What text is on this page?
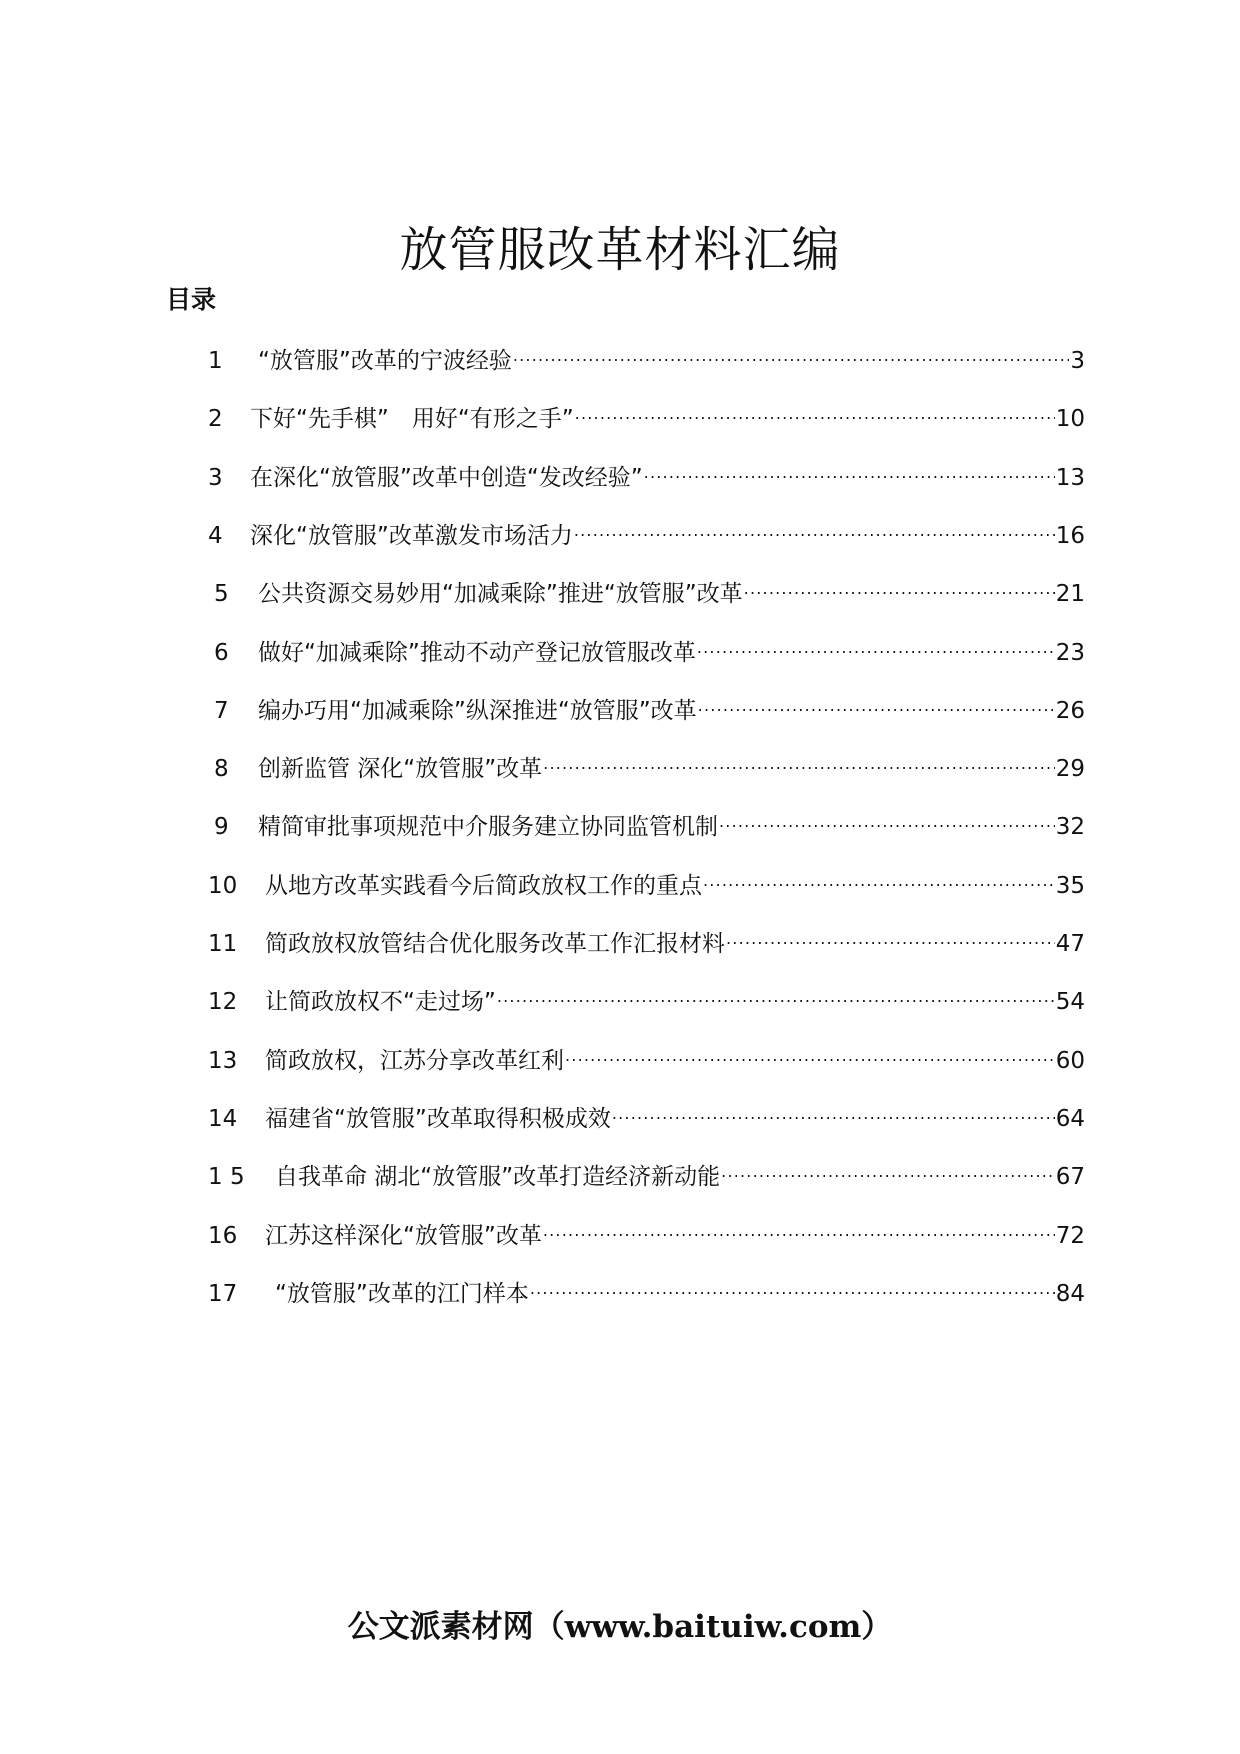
放管服改革材料汇编
目录
1	“放管服”改革的宁波经验 .....	3
2	下好“先手棋”　用好“有形之手” .....	10
3	在深化“放管服”改革中创造“发改经验” .....	13
4	深化“放管服”改革激发市场活力 .....	16
5	公共资源交易妙用“加减乘除”推进“放管服”改革 .....	21
6	做好“加减乘除”推动不动产登记放管服改革 .....	23
7	编办巧用“加减乘除”纵深推进“放管服”改革 .....	26
8	创新监管 深化“放管服”改革 .....	29
9	精简审批事项规范中介服务建立协同监管机制 .....	32
10	从地方改革实践看今后简政放权工作的重点 .....	35
11	简政放权放管结合优化服务改革工作汇报材料 .....	47
12	让简政放权不“走过场” .....	54
13	简政放权，江苏分享改革红利 .....	60
14	福建省“放管服”改革取得积极成效 .....	64
1 5	自我革命 湖北“放管服”改革打造经济新动能 .....	67
16	江苏这样深化“放管服”改革 .....	72
17	“放管服”改革的江门样本 .....	84
公文派素材网（www.baituiw.com）
